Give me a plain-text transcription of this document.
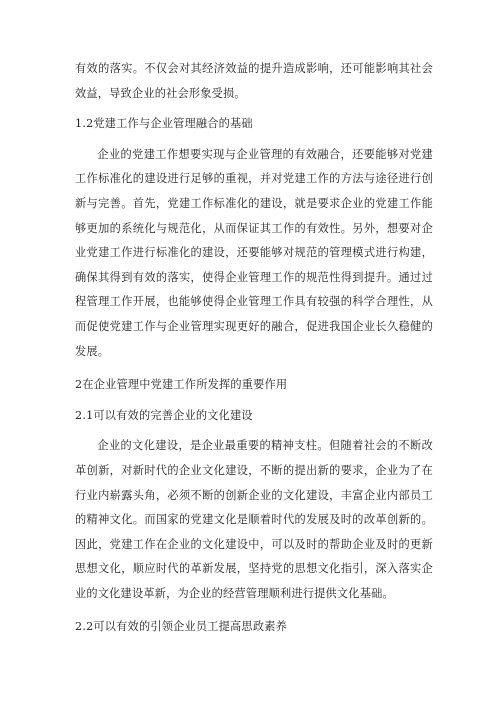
有效的落实。不仅会对其经济效益的提升造成影响，还可能影响其社会效益，导致企业的社会形象受损。

1.2党建工作与企业管理融合的基础

企业的党建工作想要实现与企业管理的有效融合，还要能够对党建工作标准化的建设进行足够的重视，并对党建工作的方法与途径进行创新与完善。首先，党建工作标准化的建设，就是要求企业的党建工作能够更加的系统化与规范化，从而保证其工作的有效性。另外，想要对企业党建工作进行标准化的建设，还要能够对规范的管理模式进行构建，确保其得到有效的落实，使得企业管理工作的规范性得到提升。通过过程管理工作开展，也能够使得企业管理工作具有较强的科学合理性，从而促使党建工作与企业管理实现更好的融合，促进我国企业长久稳健的发展。

2在企业管理中党建工作所发挥的重要作用
2.1可以有效的完善企业的文化建设

企业的文化建设，是企业最重要的精神支柱。但随着社会的不断改革创新，对新时代的企业文化建设，不断的提出新的要求，企业为了在行业内崭露头角，必须不断的创新企业的文化建设，丰富企业内部员工的精神文化。而国家的党建文化是顺着时代的发展及时的改革创新的。因此，党建工作在企业的文化建设中，可以及时的帮助企业及时的更新思想文化，顺应时代的革新发展，坚持党的思想文化指引，深入落实企业的文化建设革新，为企业的经营管理顺利进行提供文化基础。

2.2可以有效的引领企业员工提高思政素养
